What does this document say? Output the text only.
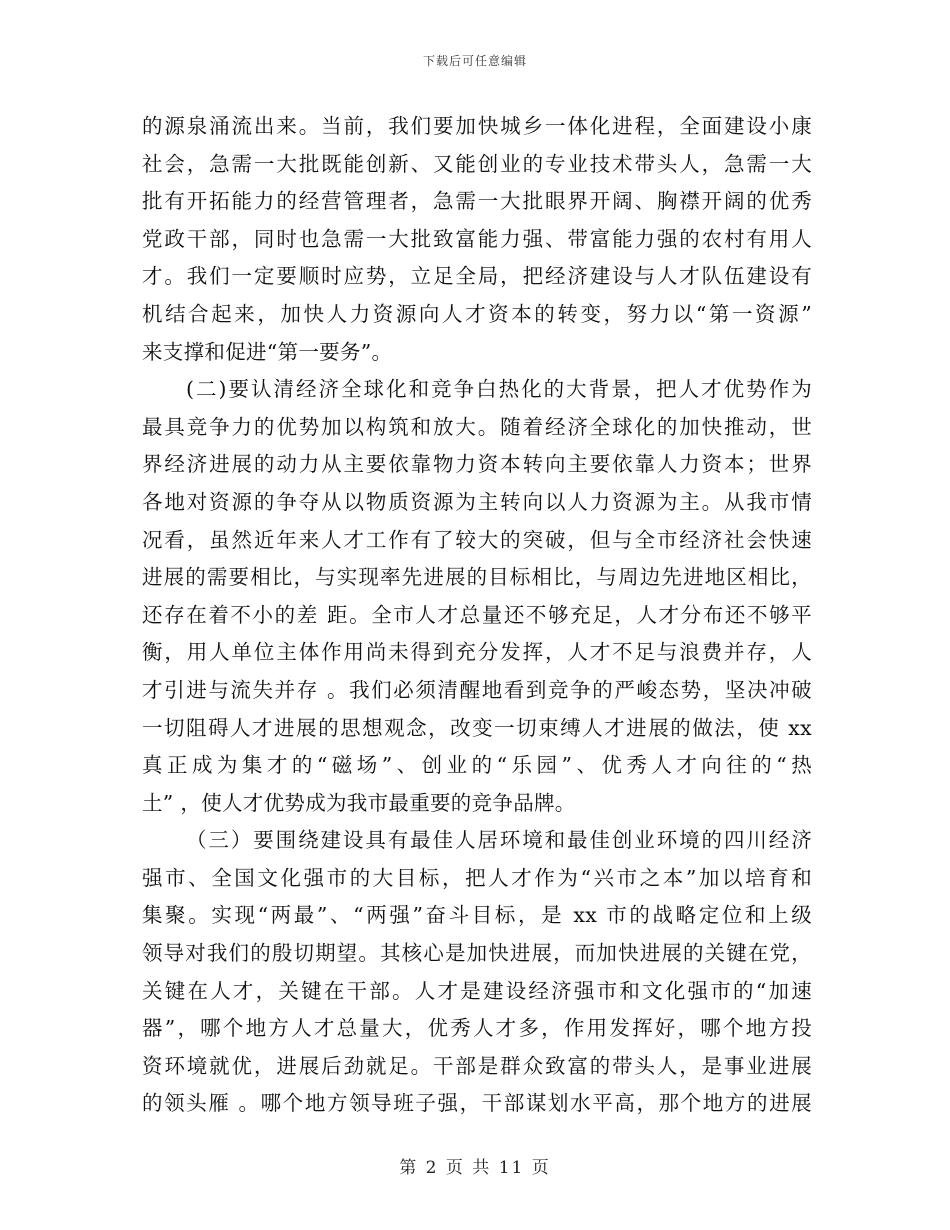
下载后可任意编辑
的源泉涌流出来。当前，我们要加快城乡一体化进程，全面建设小康
社会，急需一大批既能创新、又能创业的专业技术带头人，急需一大
批有开拓能力的经营管理者，急需一大批眼界开阔、胸襟开阔的优秀
党政干部，同时也急需一大批致富能力强、带富能力强的农村有用人
才。我们一定要顺时应势，立足全局，把经济建设与人才队伍建设有
机结合起来，加快人力资源向人才资本的转变，努力以“第一资源”
来支撑和促进“第一要务”。
(二)要认清经济全球化和竞争白热化的大背景，把人才优势作为
最具竞争力的优势加以构筑和放大。随着经济全球化的加快推动，世
界经济进展的动力从主要依靠物力资本转向主要依靠人力资本；世界
各地对资源的争夺从以物质资源为主转向以人力资源为主。从我市情
况看，虽然近年来人才工作有了较大的突破，但与全市经济社会快速
进展的需要相比，与实现率先进展的目标相比，与周边先进地区相比，
还存在着不小的差 距。全市人才总量还不够充足，人才分布还不够平
衡，用人单位主体作用尚未得到充分发挥，人才不足与浪费并存，人
才引进与流失并存 。我们必须清醒地看到竞争的严峻态势，坚决冲破
一切阻碍人才进展的思想观念，改变一切束缚人才进展的做法，使 xx
真正成为集才的“磁场”、创业的“乐园”、优秀人才向往的“热
土” ，使人才优势成为我市最重要的竞争品牌。
（三）要围绕建设具有最佳人居环境和最佳创业环境的四川经济
强市、全国文化强市的大目标，把人才作为“兴市之本”加以培育和
集聚。实现“两最”、“两强”奋斗目标，是 xx 市的战略定位和上级
领导对我们的殷切期望。其核心是加快进展，而加快进展的关键在党，
关键在人才，关键在干部。人才是建设经济强市和文化强市的“加速
器”，哪个地方人才总量大，优秀人才多，作用发挥好，哪个地方投
资环境就优，进展后劲就足。干部是群众致富的带头人，是事业进展
的领头雁 。哪个地方领导班子强，干部谋划水平高，那个地方的进展
第 2 页 共 11 页
